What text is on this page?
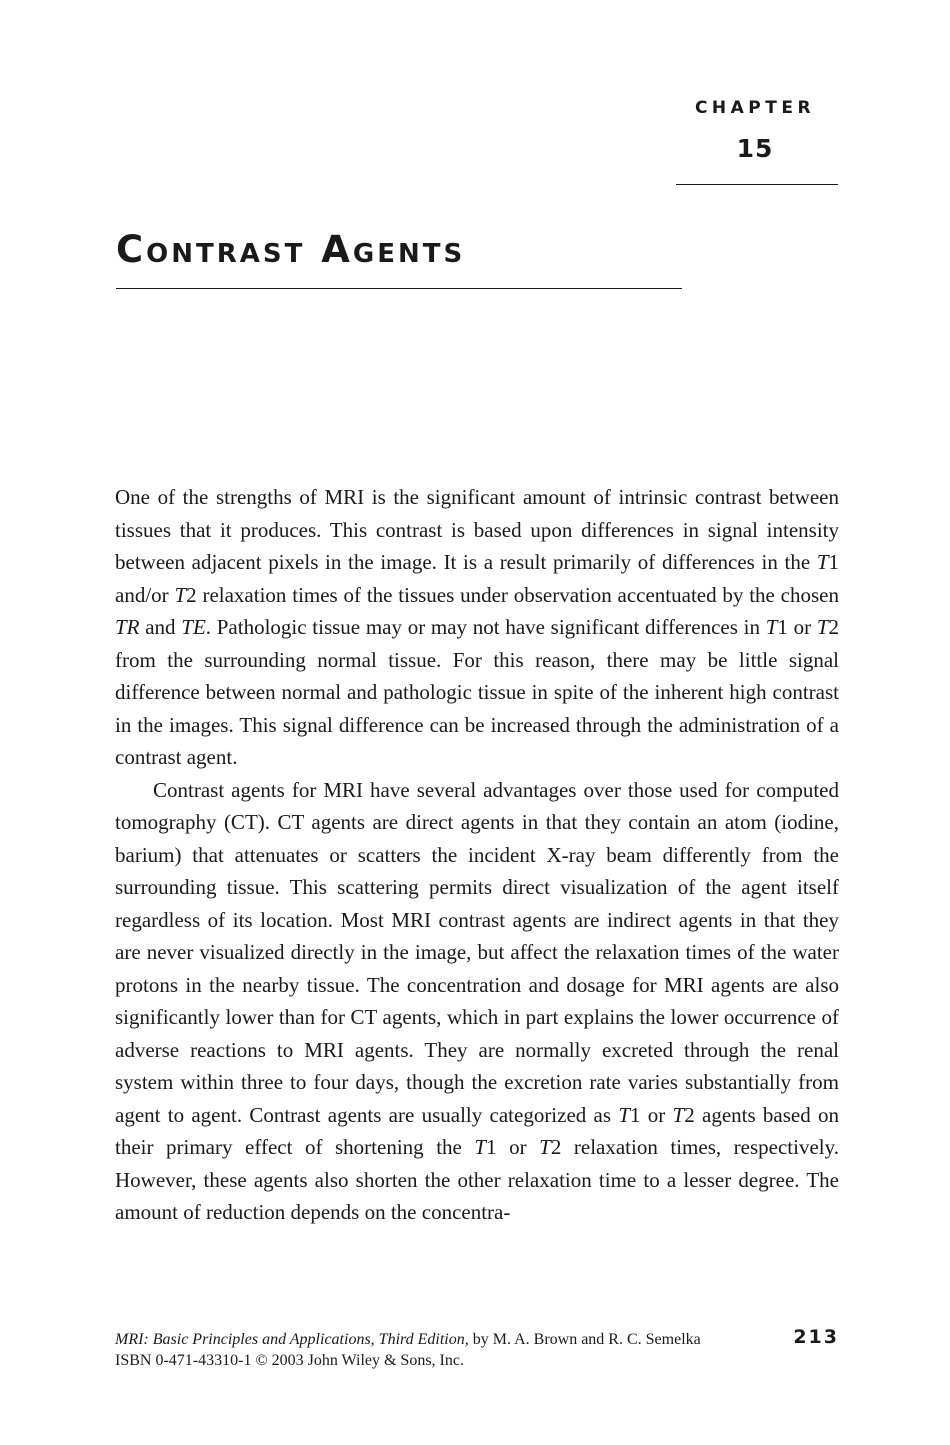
CHAPTER
15
Contrast Agents

One of the strengths of MRI is the significant amount of intrinsic contrast between tissues that it produces. This contrast is based upon differences in signal intensity between adjacent pixels in the image. It is a result primarily of differences in the T1 and/or T2 relaxation times of the tissues under observation accentuated by the chosen TR and TE. Pathologic tissue may or may not have significant differences in T1 or T2 from the surrounding normal tissue. For this reason, there may be little signal difference between normal and pathologic tissue in spite of the inherent high contrast in the images. This signal difference can be increased through the administration of a contrast agent.

Contrast agents for MRI have several advantages over those used for computed tomography (CT). CT agents are direct agents in that they contain an atom (iodine, barium) that attenuates or scatters the incident X-ray beam differently from the surrounding tissue. This scattering permits direct visualization of the agent itself regardless of its location. Most MRI contrast agents are indirect agents in that they are never visualized directly in the image, but affect the relaxation times of the water protons in the nearby tissue. The concentration and dosage for MRI agents are also significantly lower than for CT agents, which in part explains the lower occurrence of adverse reactions to MRI agents. They are normally excreted through the renal system within three to four days, though the excretion rate varies substantially from agent to agent. Contrast agents are usually categorized as T1 or T2 agents based on their primary effect of shortening the T1 or T2 relaxation times, respectively. However, these agents also shorten the other relaxation time to a lesser degree. The amount of reduction depends on the concentra-

MRI: Basic Principles and Applications, Third Edition, by M. A. Brown and R. C. Semelka	213
ISBN 0-471-43310-1 © 2003 John Wiley & Sons, Inc.
